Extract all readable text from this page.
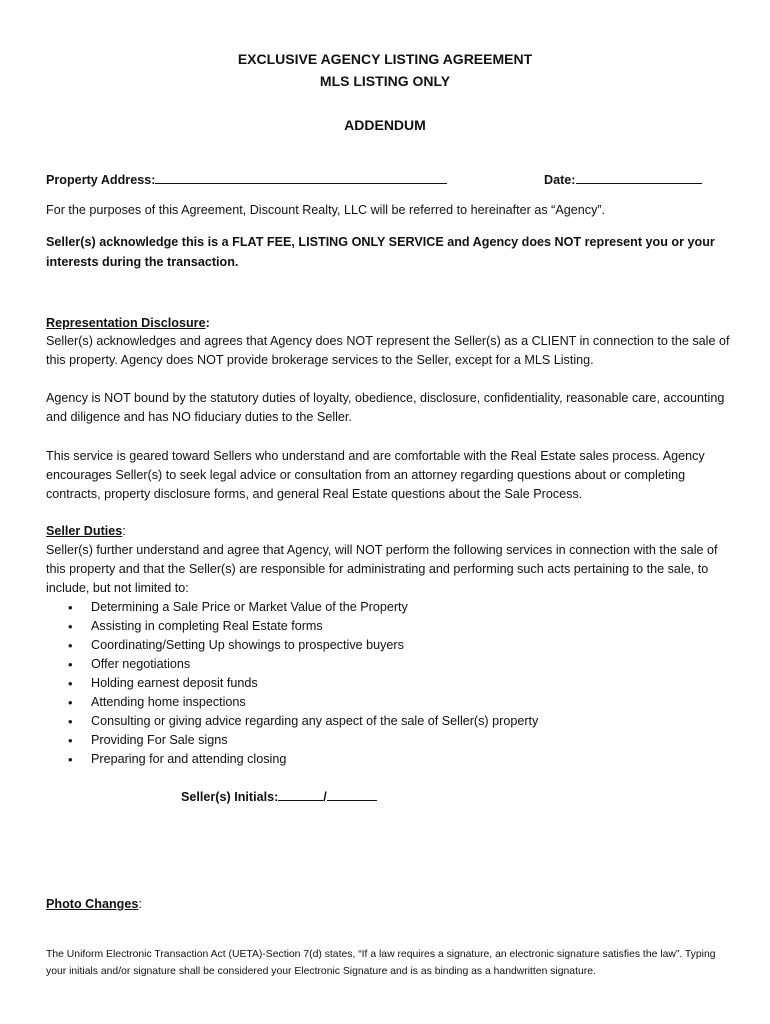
EXCLUSIVE AGENCY LISTING AGREEMENT
MLS LISTING ONLY
ADDENDUM
Property Address:	Date:
For the purposes of this Agreement, Discount Realty, LLC will be referred to hereinafter as “Agency”.
Seller(s) acknowledge this is a FLAT FEE, LISTING ONLY SERVICE and Agency does NOT represent you or your interests during the transaction.
Representation Disclosure:
Seller(s) acknowledges and agrees that Agency does NOT represent the Seller(s) as a CLIENT in connection to the sale of this property. Agency does NOT provide brokerage services to the Seller, except for a MLS Listing.
Agency is NOT bound by the statutory duties of loyalty, obedience, disclosure, confidentiality, reasonable care, accounting and diligence and has NO fiduciary duties to the Seller.
This service is geared toward Sellers who understand and are comfortable with the Real Estate sales process. Agency encourages Seller(s) to seek legal advice or consultation from an attorney regarding questions about or completing contracts, property disclosure forms, and general Real Estate questions about the Sale Process.
Seller Duties:
Seller(s) further understand and agree that Agency, will NOT perform the following services in connection with the sale of this property and that the Seller(s) are responsible for administrating and performing such acts pertaining to the sale, to include, but not limited to:
• Determining a Sale Price or Market Value of the Property
• Assisting in completing Real Estate forms
• Coordinating/Setting Up showings to prospective buyers
• Offer negotiations
• Holding earnest deposit funds
• Attending home inspections
• Consulting or giving advice regarding any aspect of the sale of Seller(s) property
• Providing For Sale signs
• Preparing for and attending closing
Seller(s) Initials:	/
Photo Changes:
The Uniform Electronic Transaction Act (UETA)-Section 7(d) states, “If a law requires a signature, an electronic signature satisfies the law”. Typing your initials and/or signature shall be considered your Electronic Signature and is as binding as a handwritten signature.
